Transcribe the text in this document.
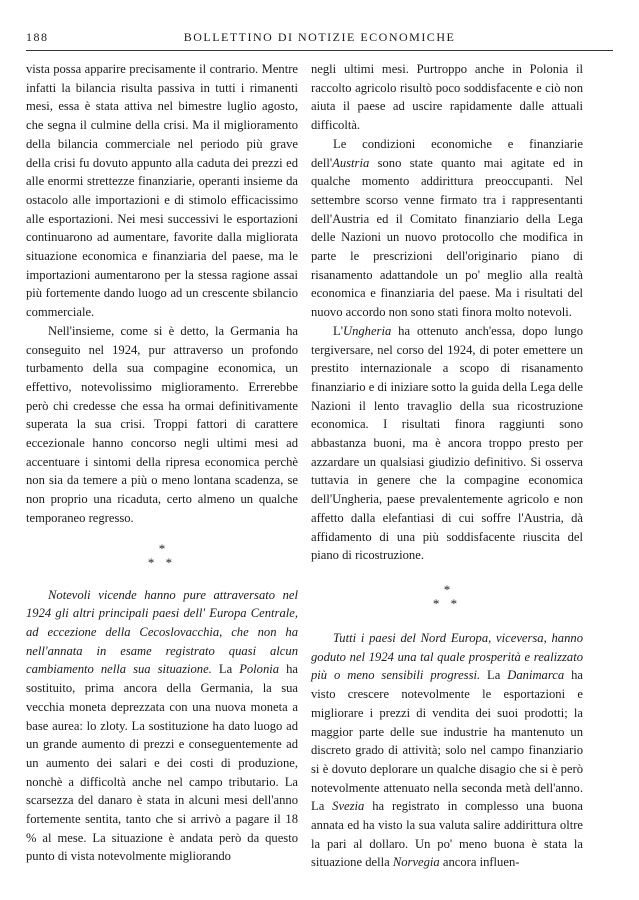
188	BOLLETTINO DI NOTIZIE ECONOMICHE

vista possa apparire precisamente il contrario. Mentre infatti la bilancia risulta passiva in tutti i rimanenti mesi, essa è stata attiva nel bimestre luglio agosto, che segna il culmine della crisi. Ma il miglioramento della bilancia commerciale nel periodo più grave della crisi fu dovuto appunto alla caduta dei prezzi ed alle enormi strettezze finanziarie, operanti insieme da ostacolo alle importazioni e di stimolo efficacissimo alle esportazioni. Nei mesi successivi le esportazioni continuarono ad aumentare, favorite dalla migliorata situazione economica e finanziaria del paese, ma le importazioni aumentarono per la stessa ragione assai più fortemente dando luogo ad un crescente sbilancio commerciale.

Nell'insieme, come si è detto, la Germania ha conseguito nel 1924, pur attraverso un profondo turbamento della sua compagine economica, un effettivo, notevolissimo miglioramento. Errerebbe però chi credesse che essa ha ormai definitivamente superata la sua crisi. Troppi fattori di carattere eccezionale hanno concorso negli ultimi mesi ad accentuare i sintomi della ripresa economica perchè non sia da temere a più o meno lontana scadenza, se non proprio una ricaduta, certo almeno un qualche temporaneo regresso.

*
* *

Notevoli vicende hanno pure attraversato nel 1924 gli altri principali paesi dell' Europa Centrale, ad eccezione della Cecoslovacchia, che non ha nell'annata in esame registrato quasi alcun cambiamento nella sua situazione. La Polonia ha sostituito, prima ancora della Germania, la sua vecchia moneta deprezzata con una nuova moneta a base aurea: lo zloty. La sostituzione ha dato luogo ad un grande aumento di prezzi e conseguentemente ad un aumento dei salari e dei costi di produzione, nonchè a difficoltà anche nel campo tributario. La scarsezza del danaro è stata in alcuni mesi dell'anno fortemente sentita, tanto che si arrivò a pagare il 18 % al mese. La situazione è andata però da questo punto di vista notevolmente migliorando

negli ultimi mesi. Purtroppo anche in Polonia il raccolto agricolo risultò poco soddisfacente e ciò non aiuta il paese ad uscire rapidamente dalle attuali difficoltà.

Le condizioni economiche e finanziarie dell'Austria sono state quanto mai agitate ed in qualche momento addirittura preoccupanti. Nel settembre scorso venne firmato tra i rappresentanti dell'Austria ed il Comitato finanziario della Lega delle Nazioni un nuovo protocollo che modifica in parte le prescrizioni dell'originario piano di risanamento adattandole un po' meglio alla realtà economica e finanziaria del paese. Ma i risultati del nuovo accordo non sono stati finora molto notevoli.

L'Ungheria ha ottenuto anch'essa, dopo lungo tergiversare, nel corso del 1924, di poter emettere un prestito internazionale a scopo di risanamento finanziario e di iniziare sotto la guida della Lega delle Nazioni il lento travaglio della sua ricostruzione economica. I risultati finora raggiunti sono abbastanza buoni, ma è ancora troppo presto per azzardare un qualsiasi giudizio definitivo. Si osserva tuttavia in genere che la compagine economica dell'Ungheria, paese prevalentemente agricolo e non affetto dalla elefantiasi di cui soffre l'Austria, dà affidamento di una più soddisfacente riuscita del piano di ricostruzione.

*
* *

Tutti i paesi del Nord Europa, viceversa, hanno goduto nel 1924 una tal quale prosperità e realizzato più o meno sensibili progressi. La Danimarca ha visto crescere notevolmente le esportazioni e migliorare i prezzi di vendita dei suoi prodotti; la maggior parte delle sue industrie ha mantenuto un discreto grado di attività; solo nel campo finanziario si è dovuto deplorare un qualche disagio che si è però notevolmente attenuato nella seconda metà dell'anno. La Svezia ha registrato in complesso una buona annata ed ha visto la sua valuta salire addirittura oltre la pari al dollaro. Un po' meno buona è stata la situazione della Norvegia ancora influen-
